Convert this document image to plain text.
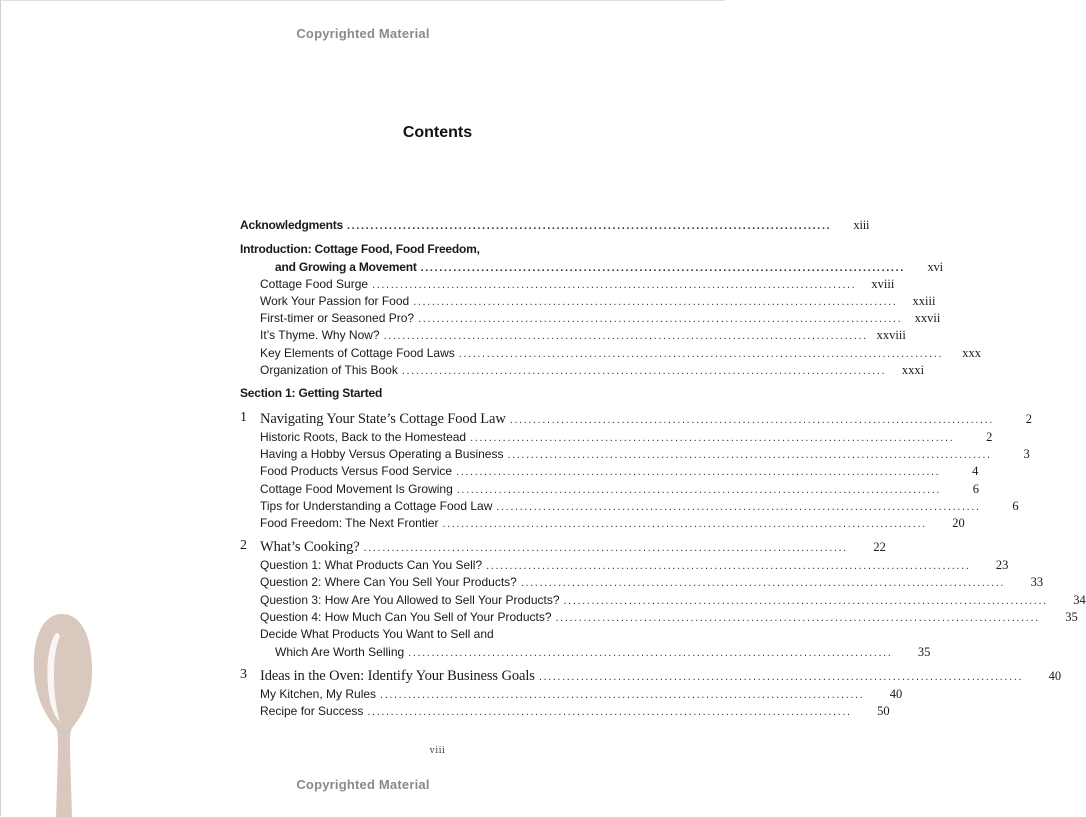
Copyrighted Material
Contents
Acknowledgments ........................................................................................................	xiii
Introduction: Cottage Food, Food Freedom,
and Growing a Movement ........................................................................................................	xvi
Cottage Food Surge ........................................................................................................	xviii
Work Your Passion for Food ........................................................................................................	xxiii
First-timer or Seasoned Pro? ........................................................................................................ xxvii
It’s Thyme. Why Now? ........................................................................................................ xxviii
Key Elements of Cottage Food Laws ........................................................................................................	xxx
Organization of This Book ........................................................................................................	xxxi
Section 1: Getting Started
1 Navigating Your State’s Cottage Food Law ........................................................................................................	2
Historic Roots, Back to the Homestead ........................................................................................................	2
Having a Hobby Versus Operating a Business ........................................................................................................	3
Food Products Versus Food Service ........................................................................................................	4
Cottage Food Movement Is Growing ........................................................................................................	6
Tips for Understanding a Cottage Food Law ........................................................................................................	6
Food Freedom: The Next Frontier ........................................................................................................	20
2 What’s Cooking? ........................................................................................................	22
Question 1: What Products Can You Sell? ........................................................................................................	23
Question 2: Where Can You Sell Your Products? ........................................................................................................	33
Question 3: How Are You Allowed to Sell Your Products? ........................................................................................................	34
Question 4: How Much Can You Sell of Your Products? ........................................................................................................	35
Decide What Products You Want to Sell and
Which Are Worth Selling ........................................................................................................	35
3 Ideas in the Oven: Identify Your Business Goals ........................................................................................................	40
My Kitchen, My Rules ........................................................................................................	40
Recipe for Success ........................................................................................................	50
viii
Copyrighted Material
